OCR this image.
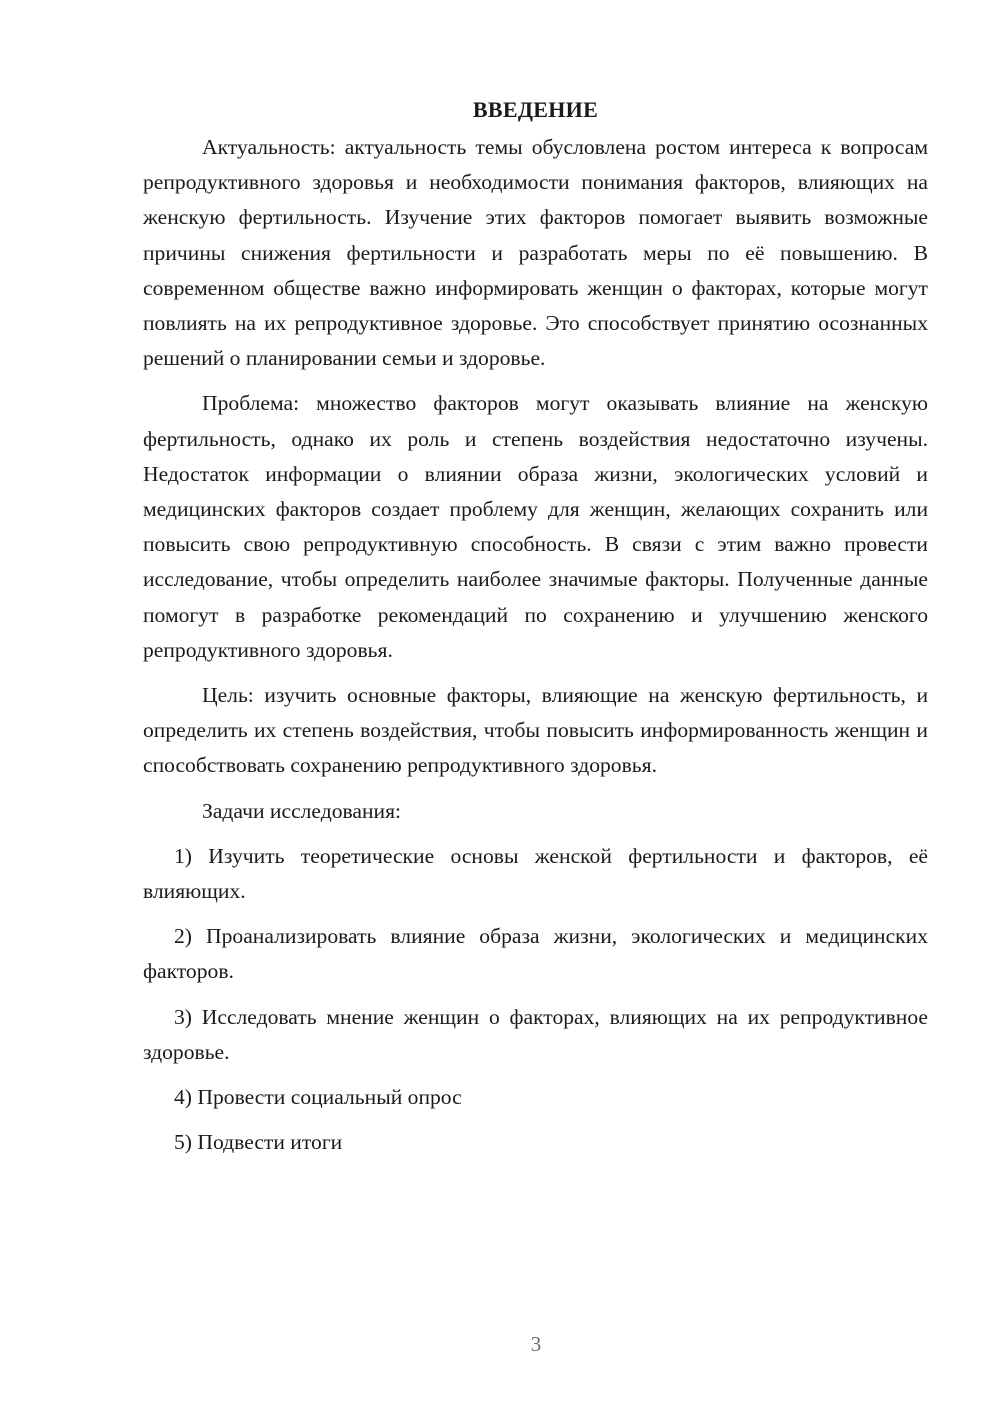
ВВЕДЕНИЕ

Актуальность: актуальность темы обусловлена ростом интереса к вопросам репродуктивного здоровья и необходимости понимания факторов, влияющих на женскую фертильность. Изучение этих факторов помогает выявить возможные причины снижения фертильности и разработать меры по её повышению. В современном обществе важно информировать женщин о факторах, которые могут повлиять на их репродуктивное здоровье. Это способствует принятию осознанных решений о планировании семьи и здоровье.

Проблема: множество факторов могут оказывать влияние на женскую фертильность, однако их роль и степень воздействия недостаточно изучены. Недостаток информации о влиянии образа жизни, экологических условий и медицинских факторов создает проблему для женщин, желающих сохранить или повысить свою репродуктивную способность. В связи с этим важно провести исследование, чтобы определить наиболее значимые факторы. Полученные данные помогут в разработке рекомендаций по сохранению и улучшению женского репродуктивного здоровья.

Цель: изучить основные факторы, влияющие на женскую фертильность, и определить их степень воздействия, чтобы повысить информированность женщин и способствовать сохранению репродуктивного здоровья.

Задачи исследования:

1) Изучить теоретические основы женской фертильности и факторов, её влияющих.

2) Проанализировать влияние образа жизни, экологических и медицинских факторов.

3) Исследовать мнение женщин о факторах, влияющих на их репродуктивное здоровье.

4) Провести социальный опрос

5) Подвести итоги

3
